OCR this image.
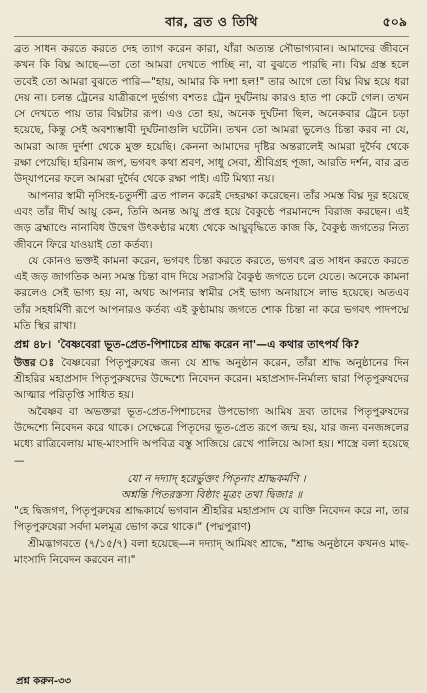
বার, ব্রত ও তিথি	৫০৯

ব্রত সাধন করতে করতে দেহ ত্যাগ করেন কারা, যাঁরা অত্যন্ত সৌভাগ্যবান। আমাদের জীবনে কখন কি বিঘ্ন আছে—তা তো আমরা দেখতে পাচ্ছি না, বা বুঝতে পারছি না। বিঘ্ন গ্রস্ত হলে তবেই তো আমরা বুঝতে পারি—"হায়, আমার কি দশা হল!" তার আগে তো বিঘ্ন বিঘ্ন হয়ে ধরা দেয় না। চলন্ত ট্রেনের যাত্রীরূপে দুর্ভাগ্য বশতঃ ট্রেন দুর্ঘটনায় কারও হাত পা কেটে গেল। তখন সে দেখতে পায় তার বিঘ্নটার রূপ। এও তো হয়, অনেক দুর্ঘটনা ছিল, অনেকবার ট্রেনে চড়া হয়েছে, কিন্তু সেই অবশ্যম্ভাবী দুর্ঘটনাগুলি ঘটেনি। তখন তো আমরা ভুলেও চিন্তা করব না যে, আমরা আজ দুর্দশা থেকে মুক্ত হয়েছি। কেননা আমাদের দৃষ্টির অন্তরালেই আমরা দুর্দৈব থেকে রক্ষা পেয়েছি। হরিনাম জপ, ভগবৎ কথা শ্রবণ, সাধু সেবা, শ্রীবিগ্রহ পূজা, আরতি দর্শন, বার ব্রত উদ্‌যাপনের ফলে আমরা দুর্দৈব থেকে রক্ষা পাই। এটি মিথ্যা নয়।

আপনার স্বামী নৃসিংহ-চতুর্দশী ব্রত পালন করেই দেহরক্ষা করেছেন। তাঁর সমস্ত বিঘ্ন দূর হয়েছে এবং তাঁর দীর্ঘ আয়ু কেন, তিনি অনন্ত আয়ু প্রপ্ত হয়ে বৈকুণ্ঠে পরমানন্দে বিরাজ করছেন। এই জড় ব্রহ্মাণ্ডে নানাবিধ উদ্বেগ উৎকণ্ঠার মধ্যে থেকে আয়ুবৃদ্ধিতে কাজ কি, বৈকুণ্ঠ জগতের নিত্য জীবনে ফিরে যাওয়াই তো কর্তব্য।

যে কোনও ভক্তই কামনা করেন, ভগবৎ চিন্তা করতে করতে, ভগবৎ ব্রত সাধন করতে করতে এই জড় জাগতিক অন্য সমস্ত চিন্তা বাদ দিয়ে সরাসরি বৈকুণ্ঠ জগতে চলে যেতে। অনেকে কামনা করলেও সেই ভাগ্য হয় না, অথচ আপনার স্বামীর সেই ভাগ্য অনায়াসে লাভ হয়েছে। অতএব তাঁর সহধর্মিণী রূপে আপনারও কর্তব্য এই কুণ্ঠামায় জগতে শোক চিন্তা না করে ভগবৎ পাদপদ্মে মতি স্থির রাখা।

প্রশ্ন ৪৮। 'বৈষ্ণবেরা ভূত-প্রেত-পিশাচের শ্রাদ্ধ করেন না'—এ কথার তাৎপর্য কি?

উত্তর ঃ বৈষ্ণবেরা পিতৃপুরুষের জন্য যে শ্রাদ্ধ অনুষ্ঠান করেন, তাঁরা শ্রাদ্ধ অনুষ্ঠানের দিন শ্রীহরির মহাপ্রসাদ পিতৃপুরুষদের উদ্দেশ্যে নিবেদন করেন। মহাপ্রসাদ-নির্মাল্য দ্বারা পিতৃপুরুষদের আত্মার পরিতৃপ্তি সাধিত হয়।

অবৈষ্ণব বা অভক্তরা ভূত-প্রেত-পিশাচদের উপভোগ্য আমিষ দ্রব্য তাদের পিতৃপুরুষদের উদ্দেশ্যে নিবেদন করে থাকে। সেক্ষেত্রে পিতৃদের ভূত-প্রেত রূপে জন্ম হয়, যার জন্য বনজঙ্গলের মধ্যে রাত্রিবেলায় মাছ-মাংসাদি অপবিত্র বস্তু সাজিয়ে রেখে পালিয়ে আসা হয়। শাস্ত্রে বলা হয়েছে—

যো ন দদ্যাদ্ হরের্ভুক্তং পিতৃনাং শ্রাদ্ধকর্মণি ।

অশ্নন্তি পিতরস্তস্য বিষ্ঠাং মূত্রং তথা দ্বিজাঃ ॥

"হে দ্বিজগণ, পিতৃপুরুষের শ্রাদ্ধকার্যে ভগবান শ্রীহরির মহাপ্রসাদ যে ব্যক্তি নিবেদন করে না, তার পিতৃপুরুষেরা সর্বদা মলমূত্র ভোগ করে থাকে।" (পদ্মপুরাণ)

শ্রীমদ্ভাগবতে (৭/১৫/৭) বলা হয়েছে—ন দদ্যাদ্ আমিষং শ্রাদ্ধে, "শ্রাদ্ধ অনুষ্ঠানে কখনও মাছ-মাংসাদি নিবেদন করবেন না।"

প্রশ্ন করুন-৩৩
